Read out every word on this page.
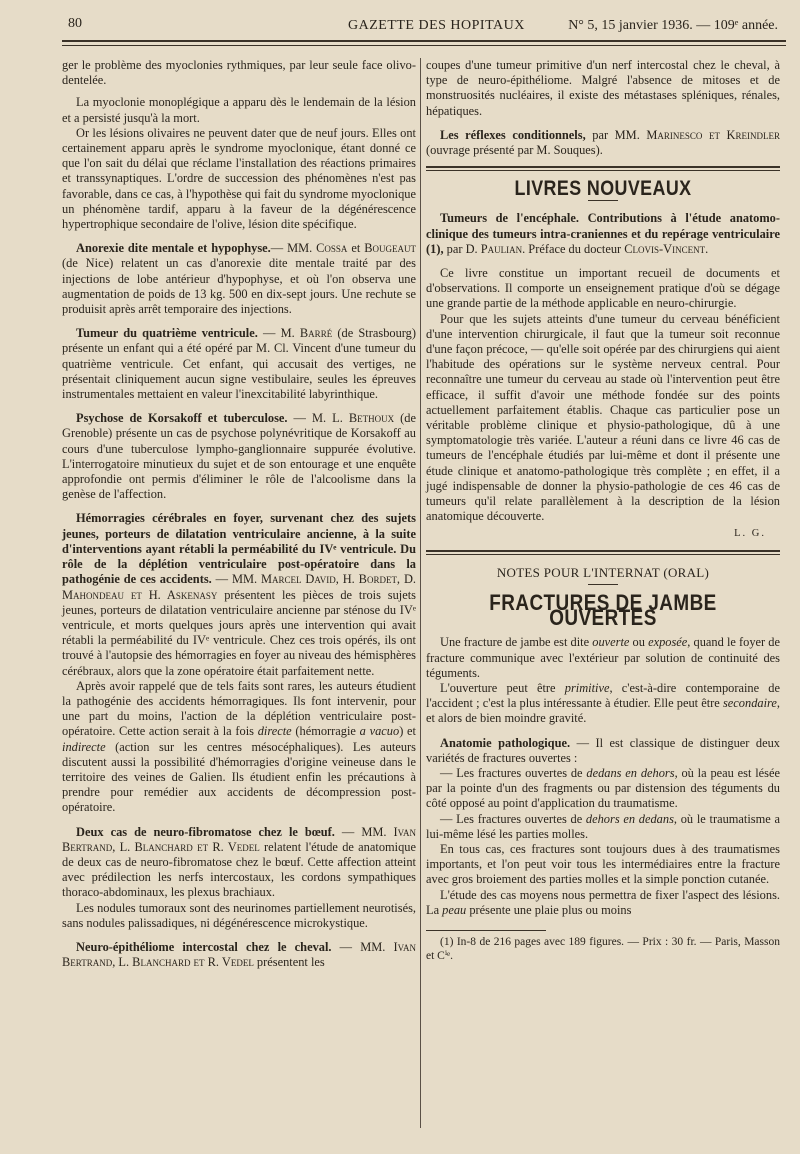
80	GAZETTE DES HOPITAUX	N° 5, 15 janvier 1936. — 109ᵉ année.

ger le problème des myoclonies rythmiques, par leur seule face olivo-dentelée.

La myoclonie monoplégique a apparu dès le lendemain de la lésion et a persisté jusqu'à la mort.

Or les lésions olivaires ne peuvent dater que de neuf jours. Elles ont certainement apparu après le syndrome myoclonique, étant donné ce que l'on sait du délai que réclame l'installation des réactions primaires et transsynaptiques. L'ordre de succession des phénomènes n'est pas favorable, dans ce cas, à l'hypothèse qui fait du syndrome myoclonique un phénomène tardif, apparu à la faveur de la dégénérescence hypertrophique secondaire de l'olive, lésion dite spécifique.

Anorexie dite mentale et hypophyse.— MM. Cossa et Bougeaut (de Nice) relatent un cas d'anorexie dite mentale traité par des injections de lobe antérieur d'hypophyse, et où l'on observa une augmentation de poids de 13 kg. 500 en dix-sept jours. Une rechute se produisit après arrêt temporaire des injections.

Tumeur du quatrième ventricule. — M. Barré (de Strasbourg) présente un enfant qui a été opéré par M. Cl. Vincent d'une tumeur du quatrième ventricule. Cet enfant, qui accusait des vertiges, ne présentait cliniquement aucun signe vestibulaire, seules les épreuves instrumentales mettaient en valeur l'inexcitabilité labyrinthique.

Psychose de Korsakoff et tuberculose. — M. L. Bethoux (de Grenoble) présente un cas de psychose polynévritique de Korsakoff au cours d'une tuberculose lympho-ganglionnaire suppurée évolutive. L'interrogatoire minutieux du sujet et de son entourage et une enquête approfondie ont permis d'éliminer le rôle de l'alcoolisme dans la genèse de l'affection.

Hémorragies cérébrales en foyer, survenant chez des sujets jeunes, porteurs de dilatation ventriculaire ancienne, à la suite d'interventions ayant rétabli la perméabilité du IVᵉ ventricule. Du rôle de la déplétion ventriculaire post-opératoire dans la pathogénie de ces accidents. — MM. Marcel David, H. Bordet, D. Mahondeau et H. Askenasy présentent les pièces de trois sujets jeunes, porteurs de dilatation ventriculaire ancienne par sténose du IVᵉ ventricule, et morts quelques jours après une intervention qui avait rétabli la perméabilité du IVᵉ ventricule. Chez ces trois opérés, ils ont trouvé à l'autopsie des hémorragies en foyer au niveau des hémisphères cérébraux, alors que la zone opératoire était parfaitement nette.

Après avoir rappelé que de tels faits sont rares, les auteurs étudient la pathogénie des accidents hémorragiques. Ils font intervenir, pour une part du moins, l'action de la déplétion ventriculaire post-opératoire. Cette action serait à la fois directe (hémorragie a vacuo) et indirecte (action sur les centres mésocéphaliques). Les auteurs discutent aussi la possibilité d'hémorragies d'origine veineuse dans le territoire des veines de Galien. Ils étudient enfin les précautions à prendre pour remédier aux accidents de décompression post-opératoire.

Deux cas de neuro-fibromatose chez le bœuf. — MM. Ivan Bertrand, L. Blanchard et R. Vedel relatent l'étude de anatomique de deux cas de neuro-fibromatose chez le bœuf. Cette affection atteint avec prédilection les nerfs intercostaux, les cordons sympathiques thoraco-abdominaux, les plexus brachiaux.

Les nodules tumoraux sont des neurinomes partiellement neurotisés, sans nodules palissadiques, ni dégénérescence microkystique.

Neuro-épithéliome intercostal chez le cheval. — MM. Ivan Bertrand, L. Blanchard et R. Vedel présentent les

coupes d'une tumeur primitive d'un nerf intercostal chez le cheval, à type de neuro-épithéliome. Malgré l'absence de mitoses et de monstruosités nucléaires, il existe des métastases spléniques, rénales, hépatiques.

Les réflexes conditionnels, par MM. Marinesco et Kreindler (ouvrage présenté par M. Souques).

LIVRES NOUVEAUX

Tumeurs de l'encéphale. Contributions à l'étude anatomo-clinique des tumeurs intra-craniennes et du repérage ventriculaire (1), par D. Paulian. Préface du docteur Clovis-Vincent.

Ce livre constitue un important recueil de documents et d'observations. Il comporte un enseignement pratique d'où se dégage une grande partie de la méthode applicable en neuro-chirurgie.

Pour que les sujets atteints d'une tumeur du cerveau bénéficient d'une intervention chirurgicale, il faut que la tumeur soit reconnue d'une façon précoce, — qu'elle soit opérée par des chirurgiens qui aient l'habitude des opérations sur le système nerveux central. Pour reconnaître une tumeur du cerveau au stade où l'intervention peut être efficace, il suffit d'avoir une méthode fondée sur des points actuellement parfaitement établis. Chaque cas particulier pose un véritable problème clinique et physio-pathologique, dû à une symptomatologie très variée. L'auteur a réuni dans ce livre 46 cas de tumeurs de l'encéphale étudiés par lui-même et dont il présente une étude clinique et anatomo-pathologique très complète ; en effet, il a jugé indispensable de donner la physio-pathologie de ces 46 cas de tumeurs qu'il relate parallèlement à la description de la lésion anatomique découverte.

L. G.
NOTES POUR L'INTERNAT (ORAL)
FRACTURES DE JAMBE OUVERTES

Une fracture de jambe est dite ouverte ou exposée, quand le foyer de fracture communique avec l'extérieur par solution de continuité des téguments.

L'ouverture peut être primitive, c'est-à-dire contemporaine de l'accident ; c'est la plus intéressante à étudier. Elle peut être secondaire, et alors de bien moindre gravité.

Anatomie pathologique. — Il est classique de distinguer deux variétés de fractures ouvertes :

— Les fractures ouvertes de dedans en dehors, où la peau est lésée par la pointe d'un des fragments ou par distension des téguments du côté opposé au point d'application du traumatisme.

— Les fractures ouvertes de dehors en dedans, où le traumatisme a lui-même lésé les parties molles.

En tous cas, ces fractures sont toujours dues à des traumatismes importants, et l'on peut voir tous les intermédiaires entre la fracture avec gros broiement des parties molles et la simple ponction cutanée.

L'étude des cas moyens nous permettra de fixer l'aspect des lésions. La peau présente une plaie plus ou moins

(1) In-8 de 216 pages avec 189 figures. — Prix : 30 fr. — Paris, Masson et Cⁱᵉ.
